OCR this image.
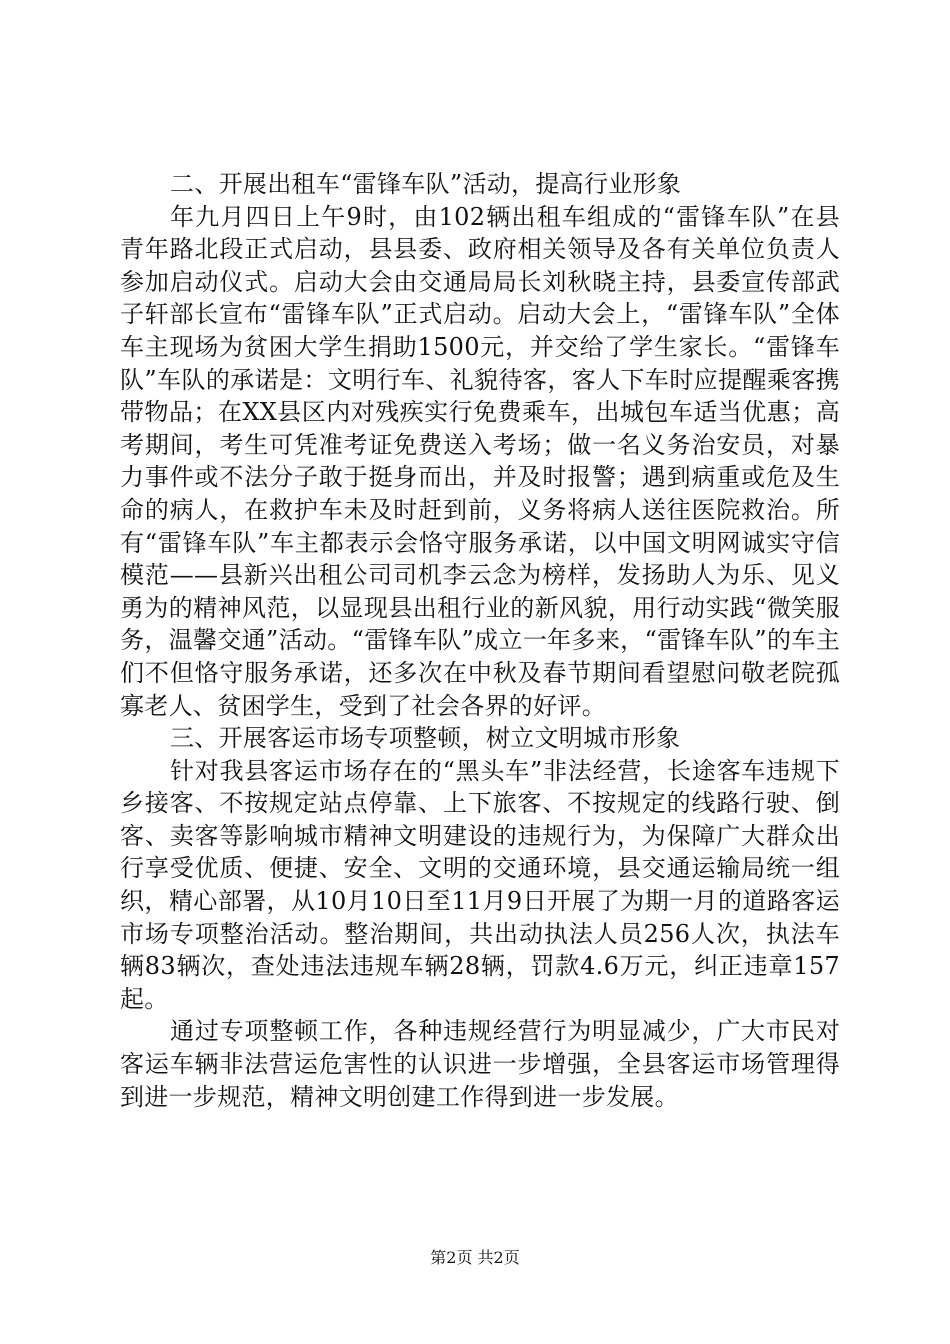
二、开展出租车“雷锋车队”活动，提高行业形象

年九月四日上午9时，由102辆出租车组成的“雷锋车队”在县青年路北段正式启动，县县委、政府相关领导及各有关单位负责人参加启动仪式。启动大会由交通局局长刘秋晓主持，县委宣传部武子轩部长宣布“雷锋车队”正式启动。启动大会上，“雷锋车队”全体车主现场为贫困大学生捐助1500元，并交给了学生家长。“雷锋车队”车队的承诺是：文明行车、礼貌待客，客人下车时应提醒乘客携带物品；在XX县区内对残疾实行免费乘车，出城包车适当优惠；高考期间，考生可凭准考证免费送入考场；做一名义务治安员，对暴力事件或不法分子敢于挺身而出，并及时报警；遇到病重或危及生命的病人，在救护车未及时赶到前，义务将病人送往医院救治。所有“雷锋车队”车主都表示会恪守服务承诺，以中国文明网诚实守信模范——县新兴出租公司司机李云念为榜样，发扬助人为乐、见义勇为的精神风范，以显现县出租行业的新风貌，用行动实践“微笑服务，温馨交通”活动。“雷锋车队”成立一年多来，“雷锋车队”的车主们不但恪守服务承诺，还多次在中秋及春节期间看望慰问敬老院孤寡老人、贫困学生，受到了社会各界的好评。

三、开展客运市场专项整顿，树立文明城市形象

针对我县客运市场存在的“黑头车”非法经营，长途客车违规下乡接客、不按规定站点停靠、上下旅客、不按规定的线路行驶、倒客、卖客等影响城市精神文明建设的违规行为，为保障广大群众出行享受优质、便捷、安全、文明的交通环境，县交通运输局统一组织，精心部署，从10月10日至11月9日开展了为期一月的道路客运市场专项整治活动。整治期间，共出动执法人员256人次，执法车辆83辆次，查处违法违规车辆28辆，罚款4.6万元，纠正违章157起。

通过专项整顿工作，各种违规经营行为明显减少，广大市民对客运车辆非法营运危害性的认识进一步增强，全县客运市场管理得到进一步规范，精神文明创建工作得到进一步发展。

第2页 共2页
